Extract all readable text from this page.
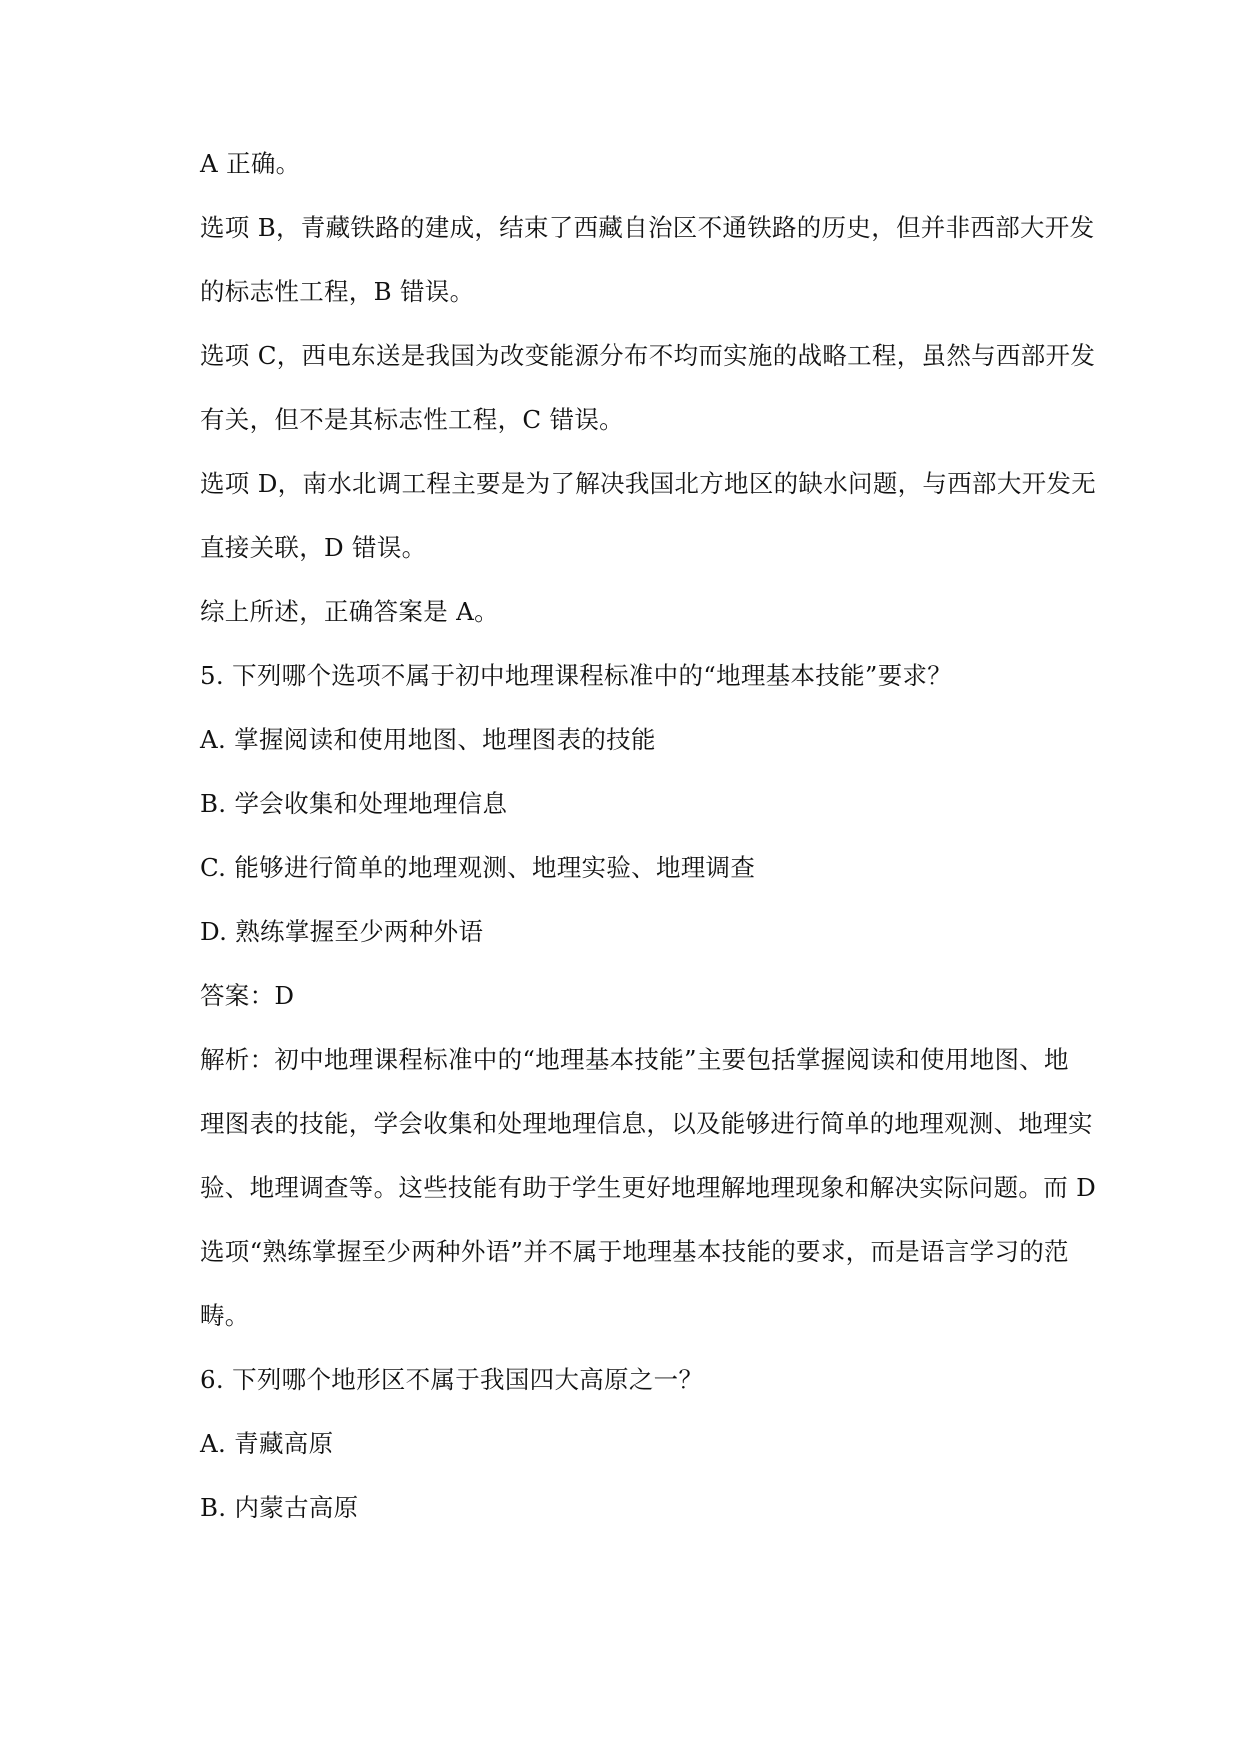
A 正确。
选项 B，青藏铁路的建成，结束了西藏自治区不通铁路的历史，但并非西部大开发
的标志性工程，B 错误。
选项 C，西电东送是我国为改变能源分布不均而实施的战略工程，虽然与西部开发
有关，但不是其标志性工程，C 错误。
选项 D，南水北调工程主要是为了解决我国北方地区的缺水问题，与西部大开发无
直接关联，D 错误。
综上所述，正确答案是 A。
5. 下列哪个选项不属于初中地理课程标准中的“地理基本技能”要求？
A. 掌握阅读和使用地图、地理图表的技能
B. 学会收集和处理地理信息
C. 能够进行简单的地理观测、地理实验、地理调查
D. 熟练掌握至少两种外语
答案：D
解析：初中地理课程标准中的“地理基本技能”主要包括掌握阅读和使用地图、地
理图表的技能，学会收集和处理地理信息，以及能够进行简单的地理观测、地理实
验、地理调查等。这些技能有助于学生更好地理解地理现象和解决实际问题。而 D
选项“熟练掌握至少两种外语”并不属于地理基本技能的要求，而是语言学习的范
畴。
6. 下列哪个地形区不属于我国四大高原之一？
A. 青藏高原
B. 内蒙古高原
